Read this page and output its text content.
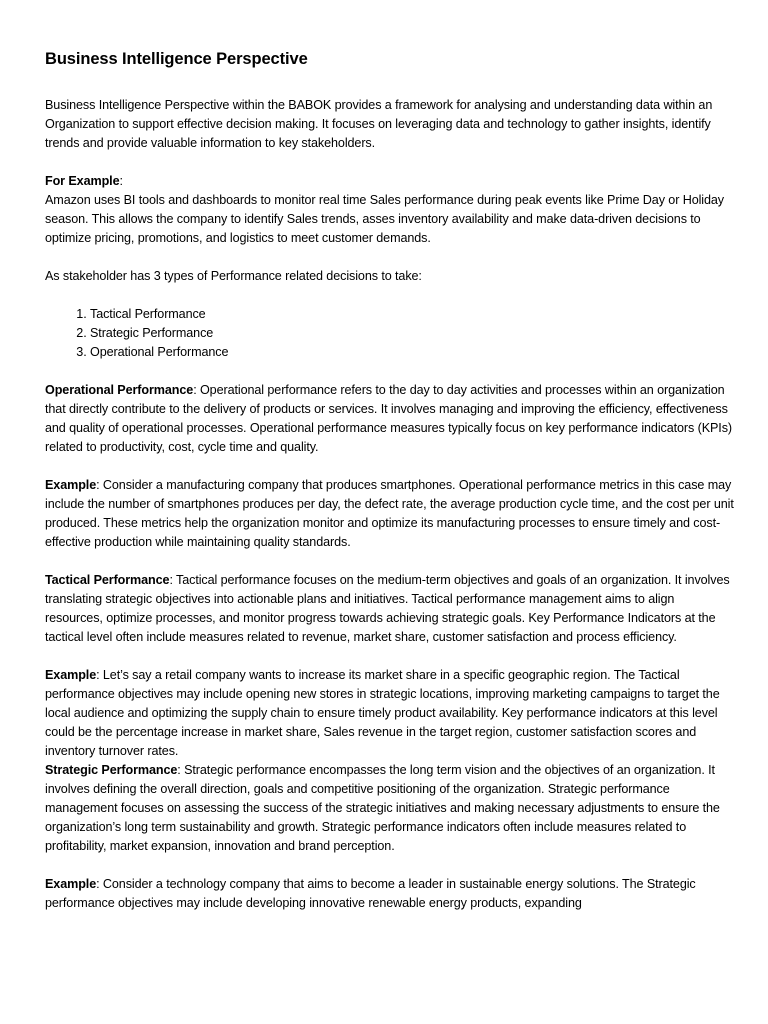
Business Intelligence Perspective

Business Intelligence Perspective within the BABOK provides a framework for analysing and understanding data within an Organization to support effective decision making. It focuses on leveraging data and technology to gather insights, identify trends and provide valuable information to key stakeholders.

For Example:
Amazon uses BI tools and dashboards to monitor real time Sales performance during peak events like Prime Day or Holiday season. This allows the company to identify Sales trends, asses inventory availability and make data-driven decisions to optimize pricing, promotions, and logistics to meet customer demands.

As stakeholder has 3 types of Performance related decisions to take:

1. Tactical Performance
2. Strategic Performance
3. Operational Performance

Operational Performance: Operational performance refers to the day to day activities and processes within an organization that directly contribute to the delivery of products or services. It involves managing and improving the efficiency, effectiveness and quality of operational processes. Operational performance measures typically focus on key performance indicators (KPIs) related to productivity, cost, cycle time and quality.

Example: Consider a manufacturing company that produces smartphones. Operational performance metrics in this case may include the number of smartphones produces per day, the defect rate, the average production cycle time, and the cost per unit produced. These metrics help the organization monitor and optimize its manufacturing processes to ensure timely and cost-effective production while maintaining quality standards.

Tactical Performance: Tactical performance focuses on the medium-term objectives and goals of an organization. It involves translating strategic objectives into actionable plans and initiatives. Tactical performance management aims to align resources, optimize processes, and monitor progress towards achieving strategic goals. Key Performance Indicators at the tactical level often include measures related to revenue, market share, customer satisfaction and process efficiency.

Example: Let’s say a retail company wants to increase its market share in a specific geographic region. The Tactical performance objectives may include opening new stores in strategic locations, improving marketing campaigns to target the local audience and optimizing the supply chain to ensure timely product availability. Key performance indicators at this level could be the percentage increase in market share, Sales revenue in the target region, customer satisfaction scores and inventory turnover rates.

Strategic Performance: Strategic performance encompasses the long term vision and the objectives of an organization. It involves defining the overall direction, goals and competitive positioning of the organization. Strategic performance management focuses on assessing the success of the strategic initiatives and making necessary adjustments to ensure the organization’s long term sustainability and growth. Strategic performance indicators often include measures related to profitability, market expansion, innovation and brand perception.

Example: Consider a technology company that aims to become a leader in sustainable energy solutions. The Strategic performance objectives may include developing innovative renewable energy products, expanding
